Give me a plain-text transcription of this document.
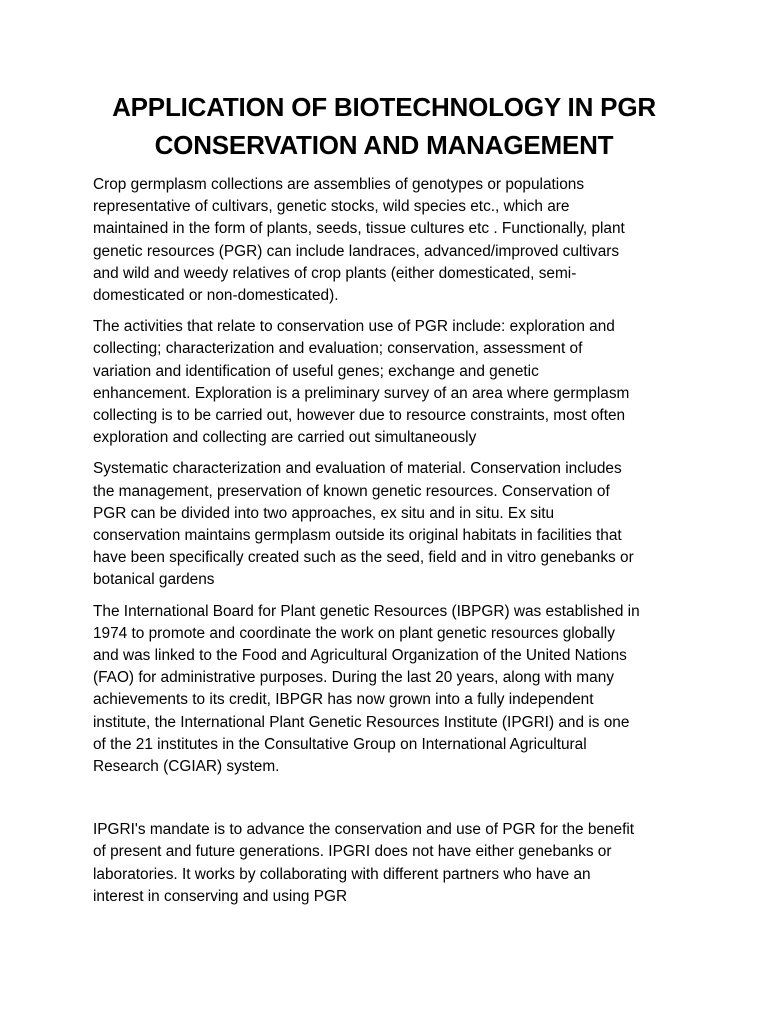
APPLICATION OF BIOTECHNOLOGY IN PGR
CONSERVATION AND MANAGEMENT

Crop germplasm collections are assemblies of genotypes or populations
representative of cultivars, genetic stocks, wild species etc., which are
maintained in the form of plants, seeds, tissue cultures etc . Functionally, plant
genetic resources (PGR) can include landraces, advanced/improved cultivars
and wild and weedy relatives of crop plants (either domesticated, semi-
domesticated or non-domesticated).

The activities that relate to conservation use of PGR include: exploration and
collecting; characterization and evaluation; conservation, assessment of
variation and identification of useful genes; exchange and genetic
enhancement. Exploration is a preliminary survey of an area where germplasm
collecting is to be carried out, however due to resource constraints, most often
exploration and collecting are carried out simultaneously

Systematic characterization and evaluation of material. Conservation includes
the management, preservation of known genetic resources. Conservation of
PGR can be divided into two approaches, ex situ and in situ. Ex situ
conservation maintains germplasm outside its original habitats in facilities that
have been specifically created such as the seed, field and in vitro genebanks or
botanical gardens

The International Board for Plant genetic Resources (IBPGR) was established in
1974 to promote and coordinate the work on plant genetic resources globally
and was linked to the Food and Agricultural Organization of the United Nations
(FAO) for administrative purposes. During the last 20 years, along with many
achievements to its credit, IBPGR has now grown into a fully independent
institute, the International Plant Genetic Resources Institute (IPGRI) and is one
of the 21 institutes in the Consultative Group on International Agricultural
Research (CGIAR) system.

IPGRI's mandate is to advance the conservation and use of PGR for the benefit
of present and future generations. IPGRI does not have either genebanks or
laboratories. It works by collaborating with different partners who have an
interest in conserving and using PGR
